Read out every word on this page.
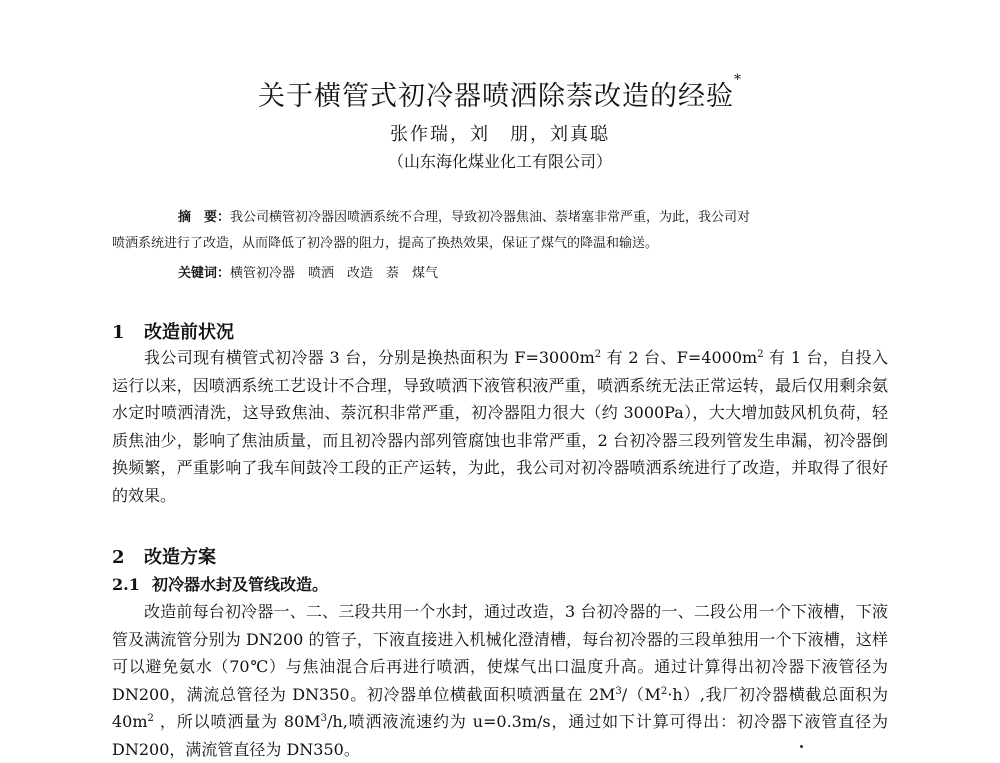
关于横管式初冷器喷洒除萘改造的经验*
张作瑞，刘　朋，刘真聪
（山东海化煤业化工有限公司）
摘　要：我公司横管初冷器因喷洒系统不合理，导致初冷器焦油、萘堵塞非常严重，为此，我公司对
喷洒系统进行了改造，从而降低了初冷器的阻力，提高了换热效果，保证了煤气的降温和输送。
关键词：横管初冷器　喷洒　改造　萘　煤气
1 改造前状况
我公司现有横管式初冷器 3 台，分别是换热面积为 $F=3000m^2$ 有 2 台、$F=4000m^2$ 有 1 台，自投入运行以来，因喷洒系统工艺设计不合理，导致喷洒下液管积液严重，喷洒系统无法正常运转，最后仅用剩余氨水定时喷洒清洗，这导致焦油、萘沉积非常严重，初冷器阻力很大（约 3000Pa），大大增加鼓风机负荷，轻质焦油少，影响了焦油质量，而且初冷器内部列管腐蚀也非常严重，2 台初冷器三段列管发生串漏，初冷器倒换频繁，严重影响了我车间鼓冷工段的正产运转，为此，我公司对初冷器喷洒系统进行了改造，并取得了很好的效果。
2 改造方案
2.1 初冷器水封及管线改造。
改造前每台初冷器一、二、三段共用一个水封，通过改造，3 台初冷器的一、二段公用一个下液槽，下液管及满流管分别为 DN200 的管子，下液直接进入机械化澄清槽，每台初冷器的三段单独用一个下液槽，这样可以避免氨水（70℃）与焦油混合后再进行喷洒，使煤气出口温度升高。通过计算得出初冷器下液管径为 DN200，满流总管径为 DN350。初冷器单位横截面积喷洒量在 $2M^3/(M^2\cdot h)$,我厂初冷器横截总面积为 $40m^2$ ，所以喷洒量为 $80M^3/h$,喷洒液流速约为 u=0.3m/s，通过如下计算可得出：初冷器下液管直径为 DN200，满流管直径为 DN350。
